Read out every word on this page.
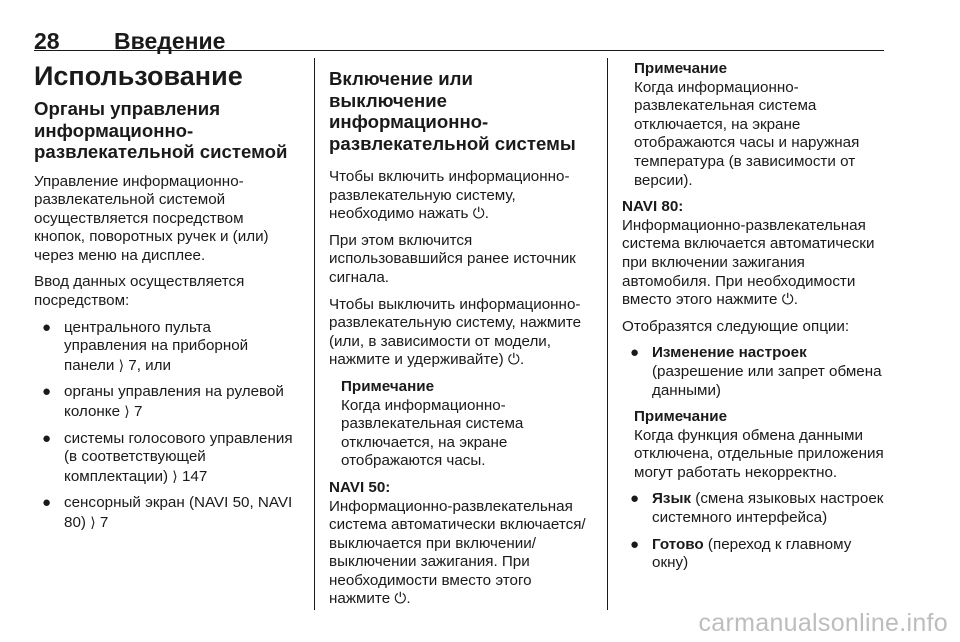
28 Введение
Использование
Органы управления информационно-развлекательной системой

Управление информационно-развлекательной системой осуществляется посредством кнопок, поворотных ручек и (или) через меню на дисплее.

Ввод данных осуществляется посредством:

● центрального пульта управления на приборной панели ⟩ 7, или
● органы управления на рулевой колонке ⟩ 7
● системы голосового управления (в соответствующей комплектации) ⟩ 147
● сенсорный экран (NAVI 50, NAVI 80) ⟩ 7
Включение или выключение информационно-развлекательной системы

Чтобы включить информационно-развлекательную систему, необходимо нажать ⏻.

При этом включится использовавшийся ранее источник сигнала.

Чтобы выключить информационно-развлекательную систему, нажмите (или, в зависимости от модели, нажмите и удерживайте) ⏻.

Примечание
Когда информационно-развлекательная система отключается, на экране отображаются часы.
NAVI 50:

Информационно-развлекательная система автоматически включается/выключается при включении/выключении зажигания. При необходимости вместо этого нажмите ⏻.

Примечание
Когда информационно-развлекательная система отключается, на экране отображаются часы и наружная температура (в зависимости от версии).
NAVI 80:

Информационно-развлекательная система включается автоматически при включении зажигания автомобиля. При необходимости вместо этого нажмите ⏻.

Отобразятся следующие опции:

● Изменение настроек (разрешение или запрет обмена данными)
Примечание
Когда функция обмена данными отключена, отдельные приложения могут работать некорректно.
● Язык (смена языковых настроек системного интерфейса)
● Готово (переход к главному окну)
carmanualsonline.info
